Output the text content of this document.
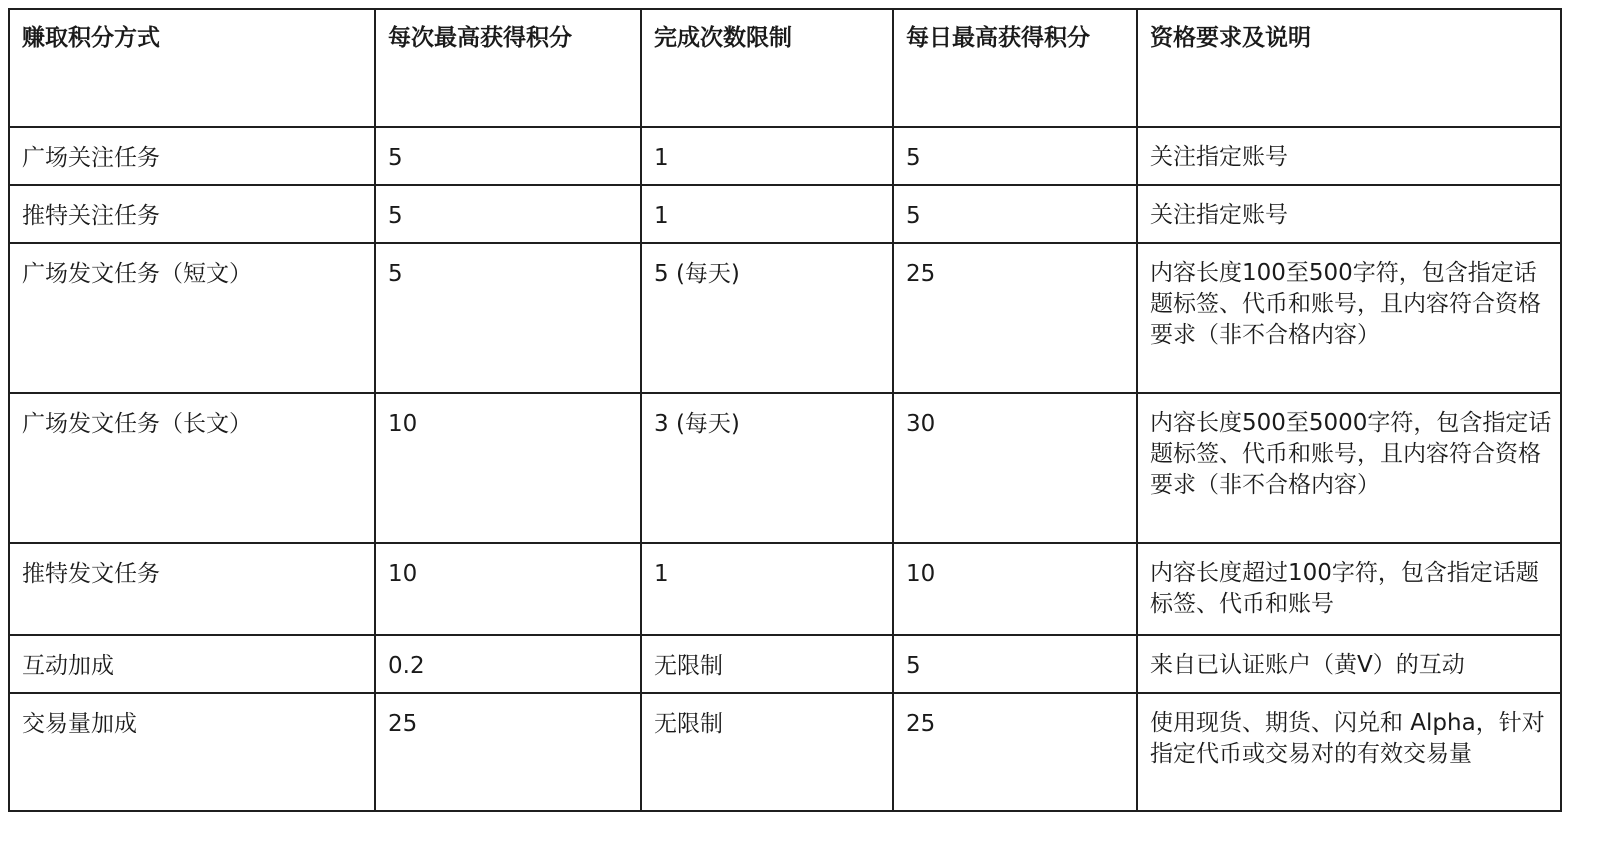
赚取积分方式	每次最高获得积分	完成次数限制	每日最高获得积分	资格要求及说明
广场关注任务	5	1	5	关注指定账号
推特关注任务	5	1	5	关注指定账号
广场发文任务（短文）	5	5 (每天)	25	内容长度100至500字符，包含指定话题标签、代币和账号，且内容符合资格要求（非不合格内容）
广场发文任务（长文）	10	3 (每天)	30	内容长度500至5000字符，包含指定话题标签、代币和账号，且内容符合资格要求（非不合格内容）
推特发文任务	10	1	10	内容长度超过100字符，包含指定话题标签、代币和账号
互动加成	0.2	无限制	5	来自已认证账户（黄V）的互动
交易量加成	25	无限制	25	使用现货、期货、闪兑和 Alpha，针对指定代币或交易对的有效交易量
